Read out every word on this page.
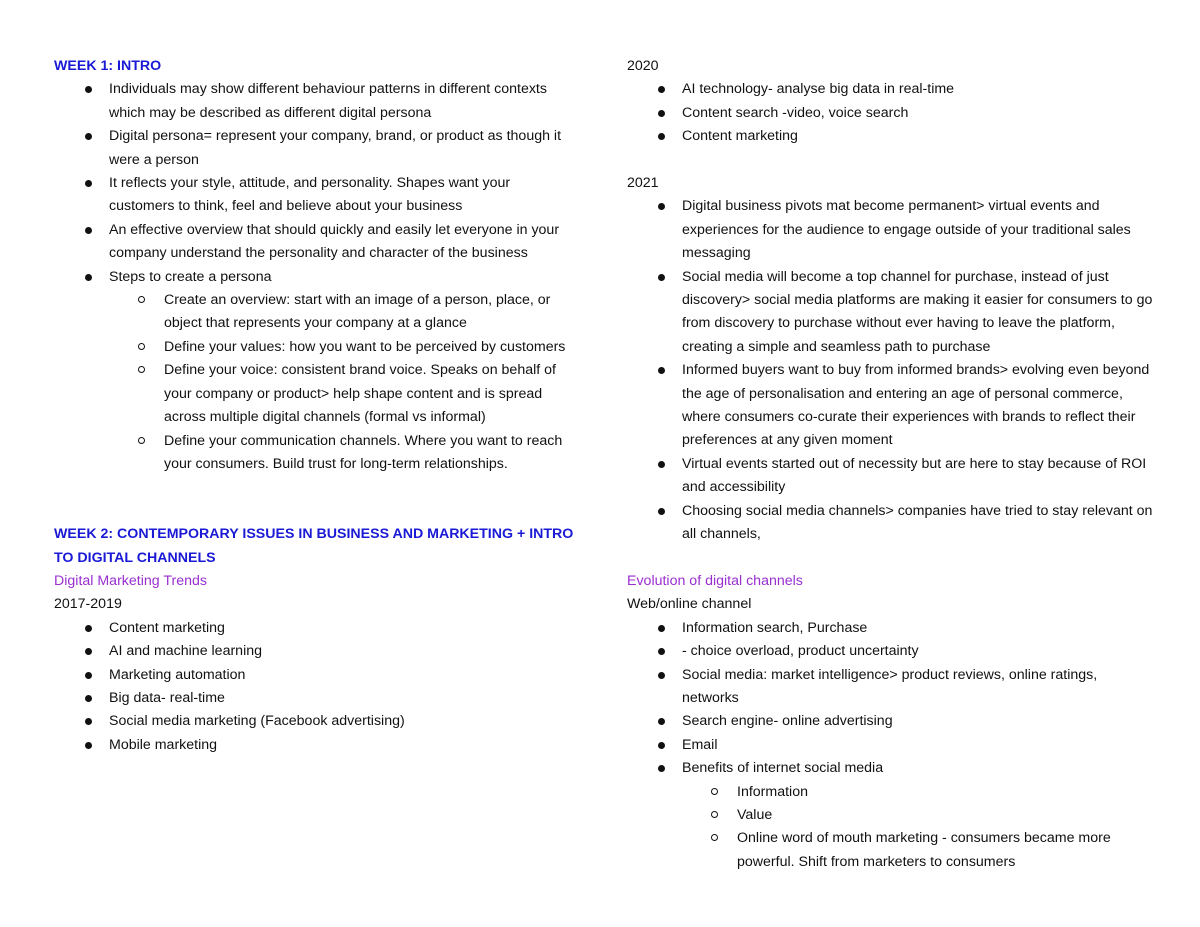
WEEK 1: INTRO

Individuals may show different behaviour patterns in different contexts which may be described as different digital persona
Digital persona= represent your company, brand, or product as though it were a person
It reflects your style, attitude, and personality. Shapes want your customers to think, feel and believe about your business
An effective overview that should quickly and easily let everyone in your company understand the personality and character of the business
Steps to create a persona
Create an overview: start with an image of a person, place, or object that represents your company at a glance
Define your values: how you want to be perceived by customers
Define your voice: consistent brand voice. Speaks on behalf of your company or product> help shape content and is spread across multiple digital channels (formal vs informal)
Define your communication channels. Where you want to reach your consumers. Build trust for long-term relationships.

WEEK 2: CONTEMPORARY ISSUES IN BUSINESS AND MARKETING + INTRO TO DIGITAL CHANNELS

Digital Marketing Trends

2017-2019

Content marketing
AI and machine learning
Marketing automation
Big data- real-time
Social media marketing (Facebook advertising)
Mobile marketing

2020

AI technology- analyse big data in real-time
Content search -video, voice search
Content marketing

2021

Digital business pivots mat become permanent> virtual events and experiences for the audience to engage outside of your traditional sales messaging
Social media will become a top channel for purchase, instead of just discovery> social media platforms are making it easier for consumers to go from discovery to purchase without ever having to leave the platform, creating a simple and seamless path to purchase
Informed buyers want to buy from informed brands> evolving even beyond the age of personalisation and entering an age of personal commerce, where consumers co-curate their experiences with brands to reflect their preferences at any given moment
Virtual events started out of necessity but are here to stay because of ROI and accessibility
Choosing social media channels> companies have tried to stay relevant on all channels,

Evolution of digital channels

Web/online channel

Information search, Purchase
- choice overload, product uncertainty
Social media: market intelligence> product reviews, online ratings, networks
Search engine- online advertising
Email
Benefits of internet social media
Information
Value
Online word of mouth marketing - consumers became more powerful. Shift from marketers to consumers
